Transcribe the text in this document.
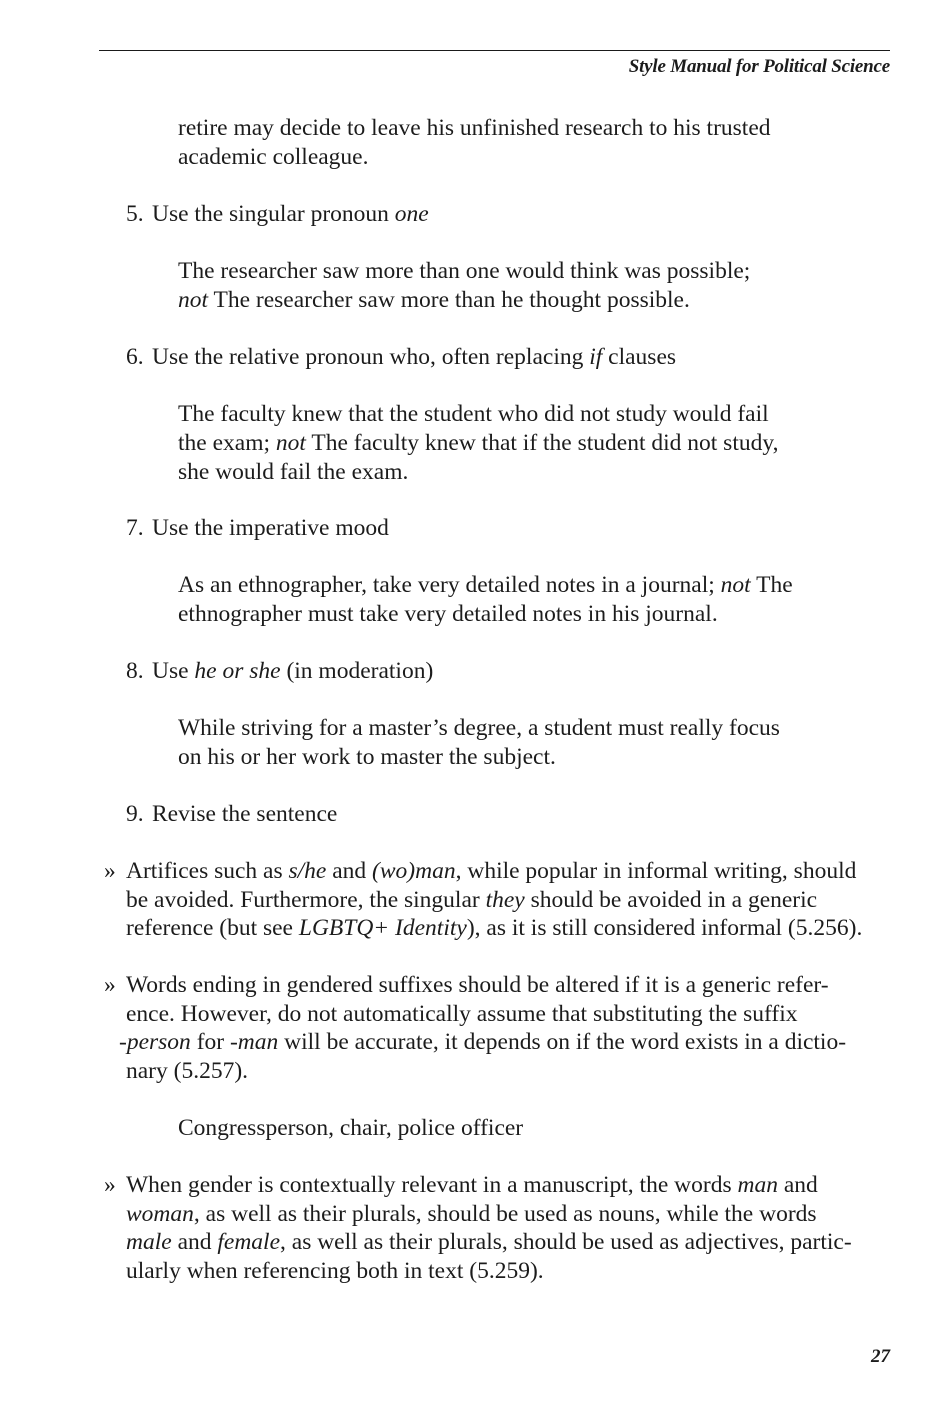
Style Manual for Political Science
retire may decide to leave his unfinished research to his trusted
academic colleague.
5. Use the singular pronoun one
The researcher saw more than one would think was possible;
not The researcher saw more than he thought possible.
6. Use the relative pronoun who, often replacing if clauses
The faculty knew that the student who did not study would fail
the exam; not The faculty knew that if the student did not study,
she would fail the exam.
7. Use the imperative mood
As an ethnographer, take very detailed notes in a journal; not The
ethnographer must take very detailed notes in his journal.
8. Use he or she (in moderation)
While striving for a master’s degree, a student must really focus
on his or her work to master the subject.
9. Revise the sentence
» Artifices such as s/he and (wo)man, while popular in informal writing, should
be avoided. Furthermore, the singular they should be avoided in a generic
reference (but see LGBTQ+ Identity), as it is still considered informal (5.256).
» Words ending in gendered suffixes should be altered if it is a generic refer-
ence. However, do not automatically assume that substituting the suffix
-person for -man will be accurate, it depends on if the word exists in a dictio-
nary (5.257).
Congressperson, chair, police officer
» When gender is contextually relevant in a manuscript, the words man and
woman, as well as their plurals, should be used as nouns, while the words
male and female, as well as their plurals, should be used as adjectives, partic-
ularly when referencing both in text (5.259).
27
